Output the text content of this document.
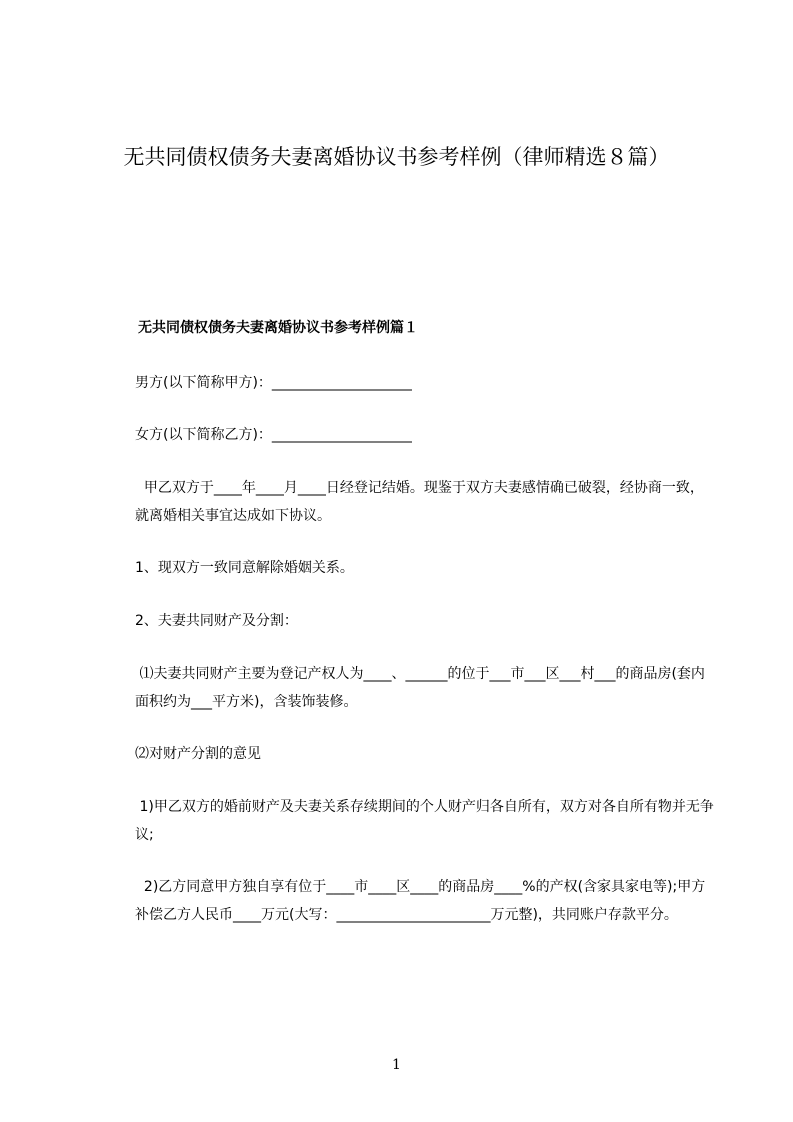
无共同债权债务夫妻离婚协议书参考样例（律师精选８篇）
无共同债权债务夫妻离婚协议书参考样例篇１

男方(以下简称甲方)：____________________

女方(以下简称乙方)：____________________

甲乙双方于____年____月____日经登记结婚。现鉴于双方夫妻感情确已破裂，经协商一致，就离婚相关事宜达成如下协议。

1、现双方一致同意解除婚姻关系。

2、夫妻共同财产及分割：

⑴夫妻共同财产主要为登记产权人为____、______的位于___市___区___村___的商品房(套内面积约为___平方米)，含装饰装修。

⑵对财产分割的意见

1)甲乙双方的婚前财产及夫妻关系存续期间的个人财产归各自所有，双方对各自所有物并无争议;

2)乙方同意甲方独自享有位于____市____区____的商品房____%的产权(含家具家电等);甲方补偿乙方人民币____万元(大写：______________________万元整)，共同账户存款平分。

1
